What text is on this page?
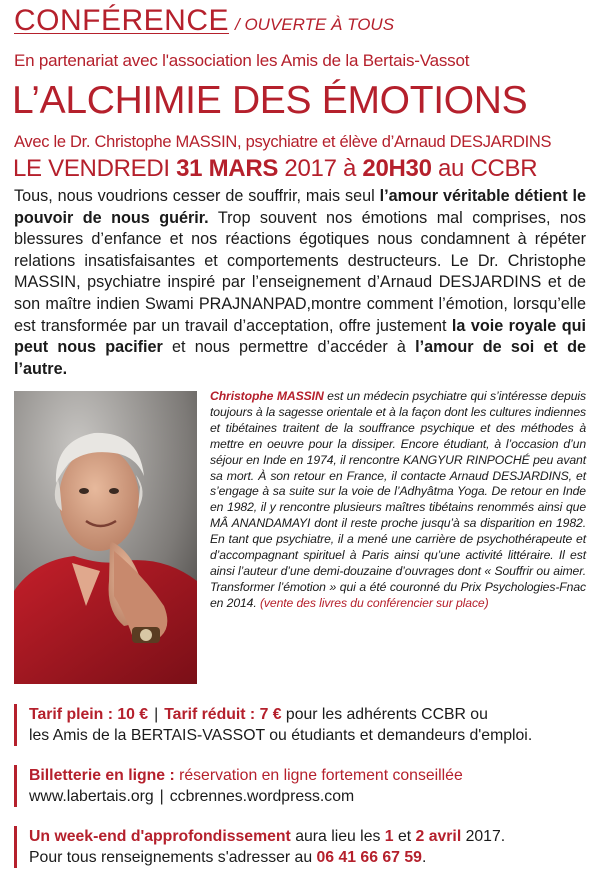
CONFÉRENCE / OUVERTE À TOUS
En partenariat avec l'association les Amis de la Bertais-Vassot
L’ALCHIMIE DES ÉMOTIONS
Avec le Dr. Christophe MASSIN, psychiatre et élève d’Arnaud DESJARDINS
LE VENDREDI 31 MARS 2017 à 20H30 au CCBR
Tous, nous voudrions cesser de souffrir, mais seul l’amour véritable détient le pouvoir de nous guérir. Trop souvent nos émotions mal comprises, nos blessures d’enfance et nos réactions égotiques nous condamnent à répéter relations insatisfaisantes et comportements destructeurs. Le Dr. Christophe MASSIN, psychiatre inspiré par l’enseignement d’Arnaud DESJARDINS et de son maître indien Swami PRAJNANPAD,montre comment l’émotion, lorsqu’elle est transformée par un travail d’acceptation, offre justement la voie royale qui peut nous pacifier et nous permettre d’accéder à l’amour de soi et de l’autre.
Christophe MASSIN est un médecin psychiatre qui s’intéresse depuis toujours à la sagesse orientale et à la façon dont les cultures indiennes et tibétaines traitent de la souffrance psychique et des méthodes à mettre en oeuvre pour la dissiper. Encore étudiant, à l’occasion d’un séjour en Inde en 1974, il rencontre KANGYUR RINPOCHÉ peu avant sa mort. À son retour en France, il contacte Arnaud DESJARDINS, et s’engage à sa suite sur la voie de l’Adhyâtma Yoga. De retour en Inde en 1982, il y rencontre plusieurs maîtres tibétains renommés ainsi que MÂ ANANDAMAYI dont il reste proche jusqu’à sa disparition en 1982. En tant que psychiatre, il a mené une carrière de psychothérapeute et d’accompagnant spirituel à Paris ainsi qu’une activité littéraire. Il est ainsi l’auteur d’une demi-douzaine d’ouvrages dont « Souffrir ou aimer. Transformer l’émotion » qui a été couronné du Prix Psychologies-Fnac en 2014. (vente des livres du conférencier sur place)

Tarif plein : 10 € | Tarif réduit : 7 € pour les adhérents CCBR ou

les Amis de la BERTAIS-VASSOT ou étudiants et demandeurs d'emploi.

Billetterie en ligne : réservation en ligne fortement conseillée

www.labertais.org | ccbrennes.wordpress.com

Un week-end d'approfondissement aura lieu les 1 et 2 avril 2017.

Pour tous renseignements s'adresser au 06 41 66 67 59.
